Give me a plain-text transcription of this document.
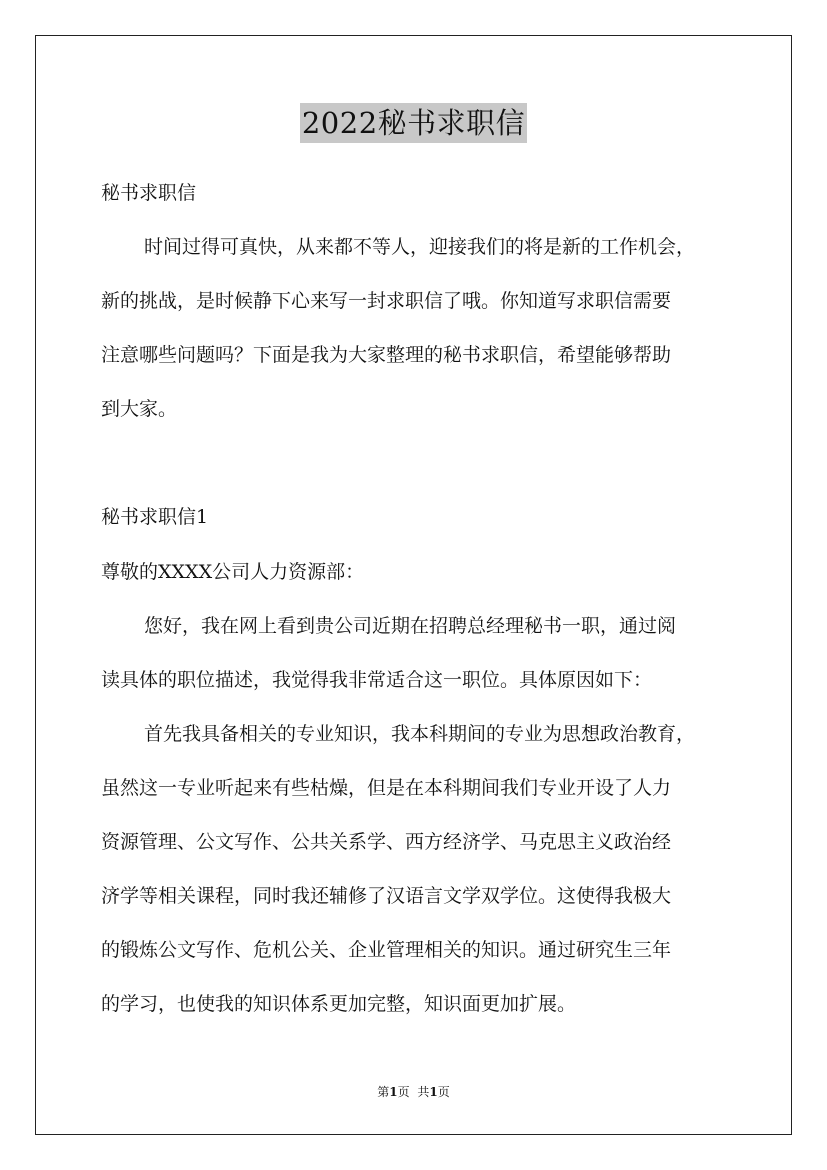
2022秘书求职信
秘书求职信
时间过得可真快，从来都不等人，迎接我们的将是新的工作机会，
新的挑战，是时候静下心来写一封求职信了哦。你知道写求职信需要
注意哪些问题吗？下面是我为大家整理的秘书求职信，希望能够帮助
到大家。
秘书求职信1
尊敬的XXXX公司人力资源部：
您好，我在网上看到贵公司近期在招聘总经理秘书一职，通过阅
读具体的职位描述，我觉得我非常适合这一职位。具体原因如下：
首先我具备相关的专业知识，我本科期间的专业为思想政治教育，
虽然这一专业听起来有些枯燥，但是在本科期间我们专业开设了人力
资源管理、公文写作、公共关系学、西方经济学、马克思主义政治经
济学等相关课程，同时我还辅修了汉语言文学双学位。这使得我极大
的锻炼公文写作、危机公关、企业管理相关的知识。通过研究生三年
的学习，也使我的知识体系更加完整，知识面更加扩展。
第1页 共1页
